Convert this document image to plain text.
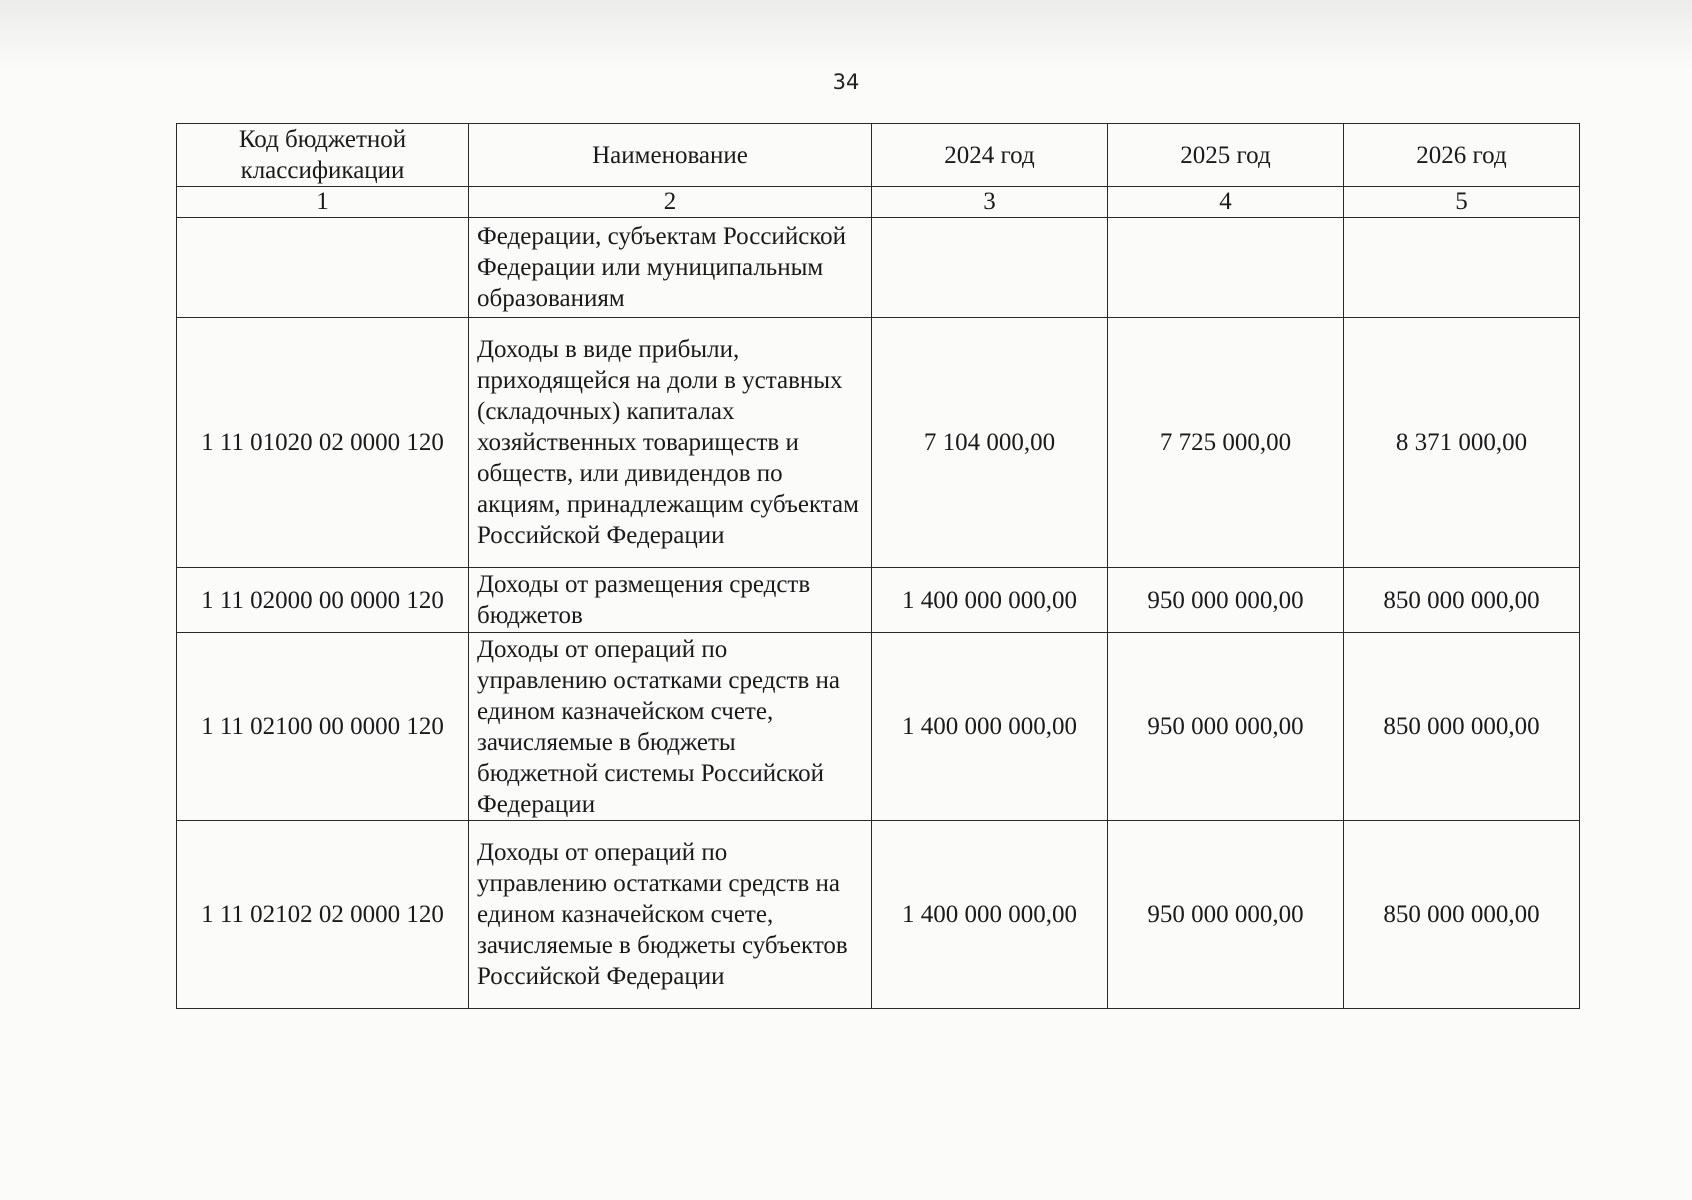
34
Код бюджетной классификации	Наименование	2024 год	2025 год	2026 год
1	2	3	4	5
	Федерации, субъектам Российской Федерации или муниципальным образованиям			
1 11 01020 02 0000 120	Доходы в виде прибыли, приходящейся на доли в уставных (складочных) капиталах хозяйственных товариществ и обществ, или дивидендов по акциям, принадлежащим субъектам Российской Федерации	7 104 000,00	7 725 000,00	8 371 000,00
1 11 02000 00 0000 120	Доходы от размещения средств бюджетов	1 400 000 000,00	950 000 000,00	850 000 000,00
1 11 02100 00 0000 120	Доходы от операций по управлению остатками средств на едином казначейском счете, зачисляемые в бюджеты бюджетной системы Российской Федерации	1 400 000 000,00	950 000 000,00	850 000 000,00
1 11 02102 02 0000 120	Доходы от операций по управлению остатками средств на едином казначейском счете, зачисляемые в бюджеты субъектов Российской Федерации	1 400 000 000,00	950 000 000,00	850 000 000,00
